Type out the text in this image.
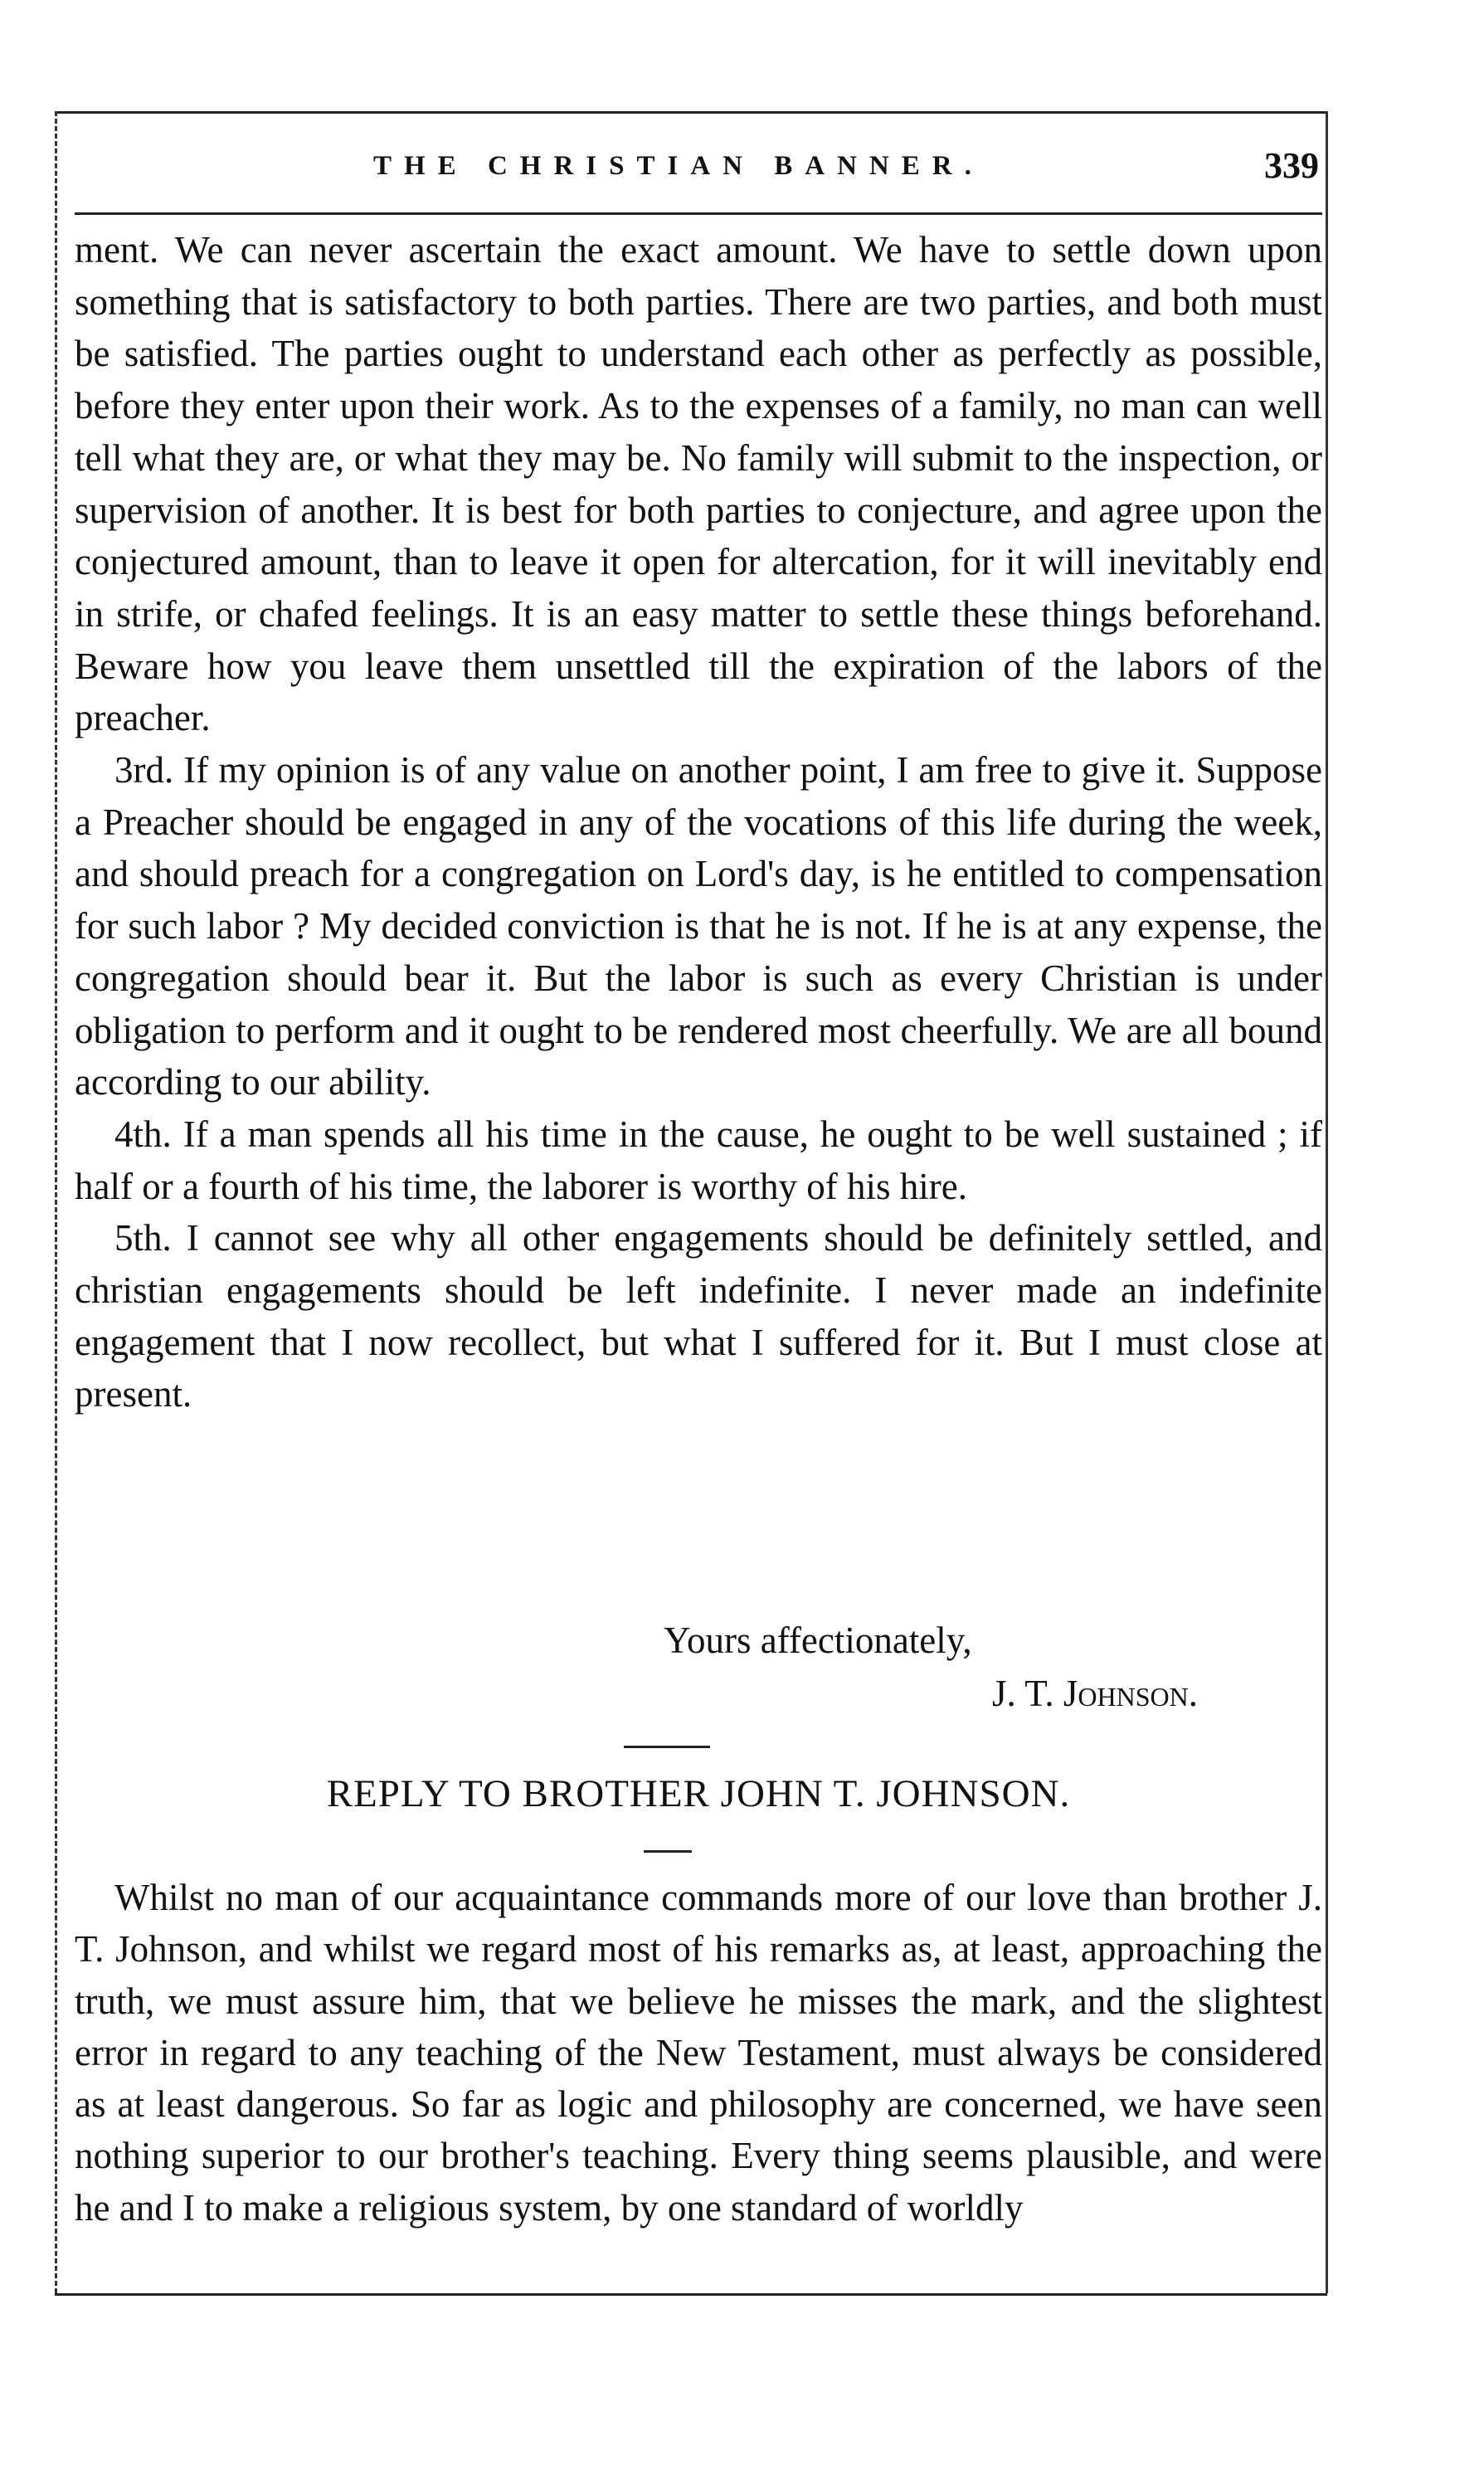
THE CHRISTIAN BANNER.	339

ment. We can never ascertain the exact amount. We have to settle down upon something that is satisfactory to both parties. There are two parties, and both must be satisfied. The parties ought to understand each other as perfectly as possible, before they enter upon their work. As to the expenses of a family, no man can well tell what they are, or what they may be. No family will submit to the inspection, or supervision of another. It is best for both parties to conjecture, and agree upon the conjectured amount, than to leave it open for altercation, for it will inevitably end in strife, or chafed feelings. It is an easy matter to settle these things beforehand. Beware how you leave them unsettled till the expiration of the labors of the preacher.

3rd. If my opinion is of any value on another point, I am free to give it. Suppose a Preacher should be engaged in any of the vocations of this life during the week, and should preach for a congregation on Lord's day, is he entitled to compensation for such labor ? My decided conviction is that he is not. If he is at any expense, the congregation should bear it. But the labor is such as every Christian is under obligation to perform and it ought to be rendered most cheerfully. We are all bound according to our ability.

4th. If a man spends all his time in the cause, he ought to be well sustained ; if half or a fourth of his time, the laborer is worthy of his hire.

5th. I cannot see why all other engagements should be definitely settled, and christian engagements should be left indefinite. I never made an indefinite engagement that I now recollect, but what I suffered for it. But I must close at present.

Yours affectionately,
J. T. Johnson.
REPLY TO BROTHER JOHN T. JOHNSON.

Whilst no man of our acquaintance commands more of our love than brother J. T. Johnson, and whilst we regard most of his remarks as, at least, approaching the truth, we must assure him, that we believe he misses the mark, and the slightest error in regard to any teaching of the New Testament, must always be considered as at least dangerous. So far as logic and philosophy are concerned, we have seen nothing superior to our brother's teaching. Every thing seems plausible, and were he and I to make a religious system, by one standard of worldly
